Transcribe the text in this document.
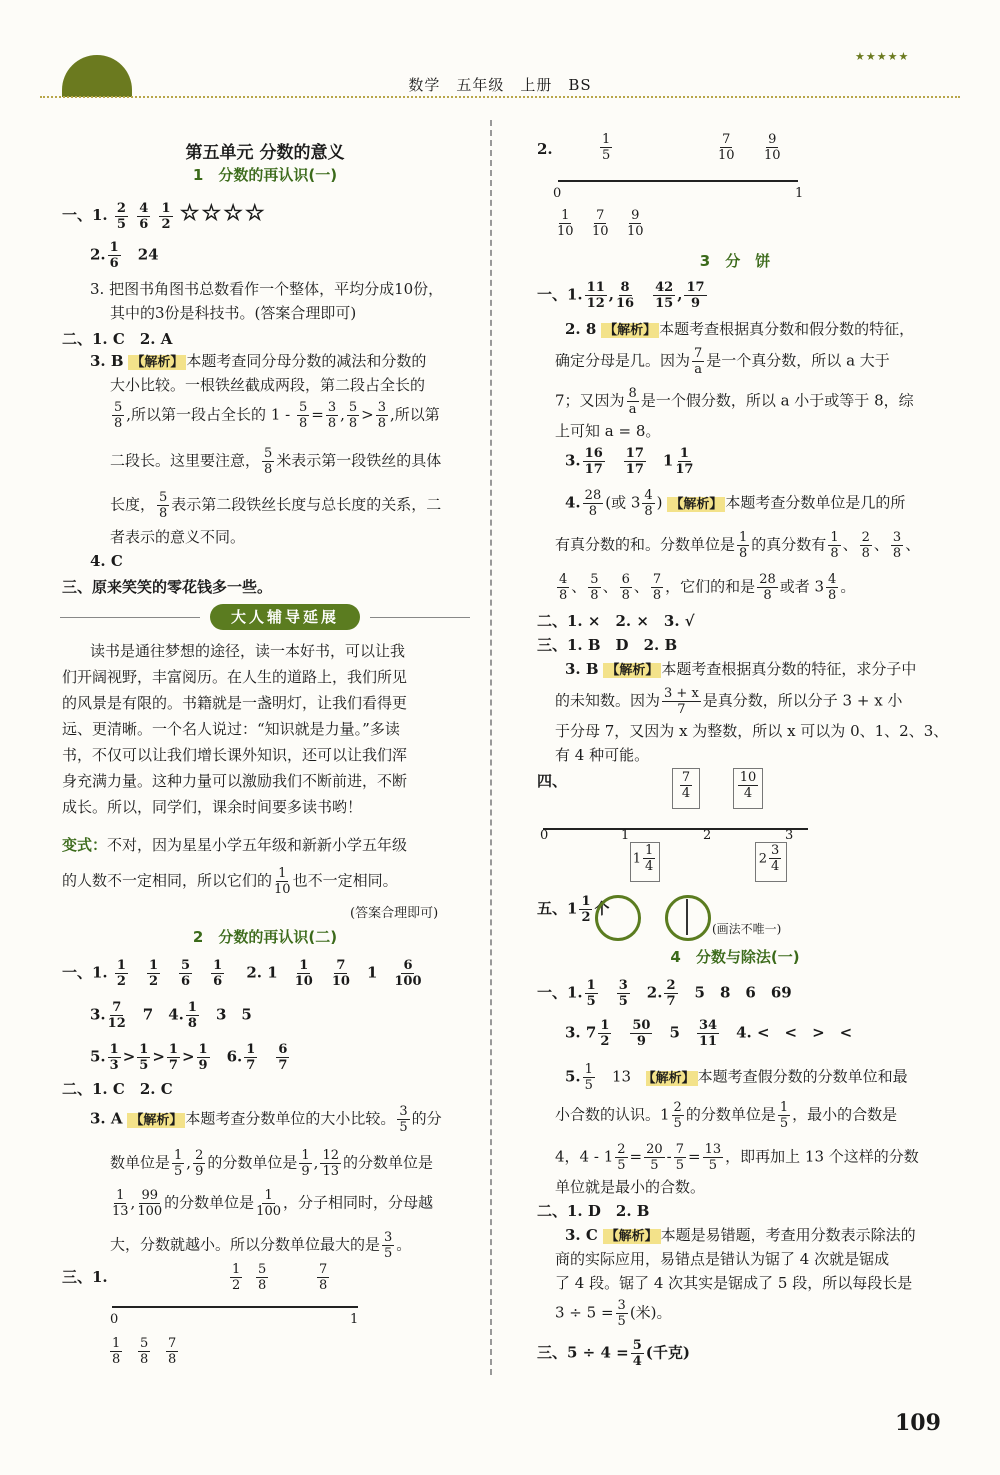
★★★★★
数学　五年级　上册　BS
第五单元 分数的意义
1　分数的再认识(一)
一、1. $\frac{2}{5}$
$\frac{4}{6}$
$\frac{1}{2}$ ☆☆☆☆
2. $\frac{1}{6}$
　 24
3. 把图书角图书总数看作一个整体，平均分成10份，
其中的3份是科技书。(答案合理即可)
二、1. C　2. A
3. B 【解析】 本题考查同分母分数的减法和分数的
大小比较。一根铁丝截成两段，第二段占全长的
$\frac{5}{8}$ ,所以第一段占全长的 $1 - \frac{5}{8} = \frac{3}{8}$ , $\frac{5}{8} > \frac{3}{8}$ ,所以第
二段长。这里要注意， $\frac{5}{8}$ 米表示第一段铁丝的具体
长度， $\frac{5}{8}$ 表示第二段铁丝长度与总长度的关系，二
者表示的意义不同。
4. C
三、原来笑笑的零花钱多一些。
大人辅导延展
读书是通往梦想的途径，读一本好书，可以让我
们开阔视野，丰富阅历。在人生的道路上，我们所见
的风景是有限的。书籍就是一盏明灯，让我们看得更
远、更清晰。一个名人说过：“知识就是力量。”多读
书，不仅可以让我们增长课外知识，还可以让我们浑
身充满力量。这种力量可以激励我们不断前进，不断
成长。所以，同学们，课余时间要多读书哟！
变式：不对，因为星星小学五年级和新新小学五年级
的人数不一定相同，所以它们的 $\frac{1}{10}$ 也不一定相同。
(答案合理即可)
2　分数的再认识(二)
一、1. $\frac{1}{2}$
　 $\frac{1}{2}$
　 $\frac{5}{6}$
　 $\frac{1}{6}$
　 2. 1　 $\frac{1}{10}$
　 $\frac{7}{10}$
　 1　 $\frac{6}{100}$
3. $\frac{7}{12}$
　 7　4. $\frac{1}{8}$
　 3　5
5. $\frac{1}{3} > \frac{1}{5} > \frac{1}{7} > \frac{1}{9}$
　 6. $\frac{1}{7}$
　 $\frac{6}{7}$
二、1. C　2. C
3. A 【解析】 本题考查分数单位的大小比较。 $\frac{3}{5}$ 的分
数单位是 $\frac{1}{5}$ , $\frac{2}{9}$ 的分数单位是 $\frac{1}{9}$ , $\frac{12}{13}$ 的分数单位是
$\frac{1}{13}$ , $\frac{99}{100}$ 的分数单位是 $\frac{1}{100}$ ，分子相同时，分母越
大，分数就越小。所以分数单位最大的是 $\frac{3}{5}$ 。
三、1.	$\frac{1}{2} \frac{5}{8}$	$\frac{7}{8}$
0	1
$\frac{1}{8} \frac{5}{8} \frac{7}{8}$
2.	$\frac{1}{5}$	$\frac{7}{10} \frac{9}{10}$
0	1
$\frac{1}{10} \frac{7}{10} \frac{9}{10}$
3　分　饼
一、1. $\frac{11}{12}$ , $\frac{8}{16}$
　 $\frac{42}{15}$ , $\frac{17}{9}$
2. 8 【解析】 本题考查根据真分数和假分数的特征，
确定分母是几。因为 $\frac{7}{a}$ 是一个真分数，所以 a 大于
7；又因为 $\frac{8}{a}$ 是一个假分数，所以 a 小于或等于 8，综
上可知 a = 8。
3. $\frac{16}{17}$
　 $\frac{17}{17}$ 　$1 \frac{1}{17}$
4. $\frac{28}{8}$ (或 $3 \frac{4}{8}$ ) 【解析】 本题考查分数单位是几的所
有真分数的和。分数单位是 $\frac{1}{8}$ 的真分数有 $\frac{1}{8}$ 、 $\frac{2}{8}$ 、 $\frac{3}{8}$ 、
$\frac{4}{8}$ 、 $\frac{5}{8}$ 、 $\frac{6}{8}$ 、 $\frac{7}{8}$ ，它们的和是 $\frac{28}{8}$ 或者 $3 \frac{4}{8}$ 。
二、1. ×　2. ×　3. √
三、1. B　D　2. B
3. B 【解析】 本题考查根据真分数的特征，求分子中
的未知数。因为 $\frac{3 + x}{7}$ 是真分数，所以分子 3 + x 小
于分母 7，又因为 x 为整数，所以 x 可以为 0、1、2、3、
有 4 种可能。
四、	$\frac{7}{4}$	$\frac{10}{4}$
0	1	2	3
$1 \frac{1}{4}$	$2 \frac{3}{4}$
五、$1 \frac{1}{2}$ 个
(画法不唯一)
4　分数与除法(一)
一、1. $\frac{1}{5}$
　 $\frac{3}{5}$
　 2. $\frac{2}{7}$
　 5　8　6　69
3. $7 \frac{1}{2}$
　 $\frac{50}{9}$
　 5　 $\frac{34}{11}$
　 4. <　<　>　<
5. $\frac{1}{5}$
　 13　 【解析】 本题考查假分数的分数单位和最
小合数的认识。$1 \frac{2}{5}$ 的分数单位是 $\frac{1}{5}$ ，最小的合数是
4，$4 - 1 \frac{2}{5} = \frac{20}{5} - \frac{7}{5} = \frac{13}{5}$ ，即再加上 13 个这样的分数
单位就是最小的合数。
二、1. D　2. B
3. C 【解析】 本题是易错题，考查用分数表示除法的
商的实际应用，易错点是错认为锯了 4 次就是锯成
了 4 段。锯了 4 次其实是锯成了 5 段，所以每段长是
$3 \div 5 = \frac{3}{5}$ (米)。
三、$5 \div 4 = \frac{5}{4}$ (千克)
109
